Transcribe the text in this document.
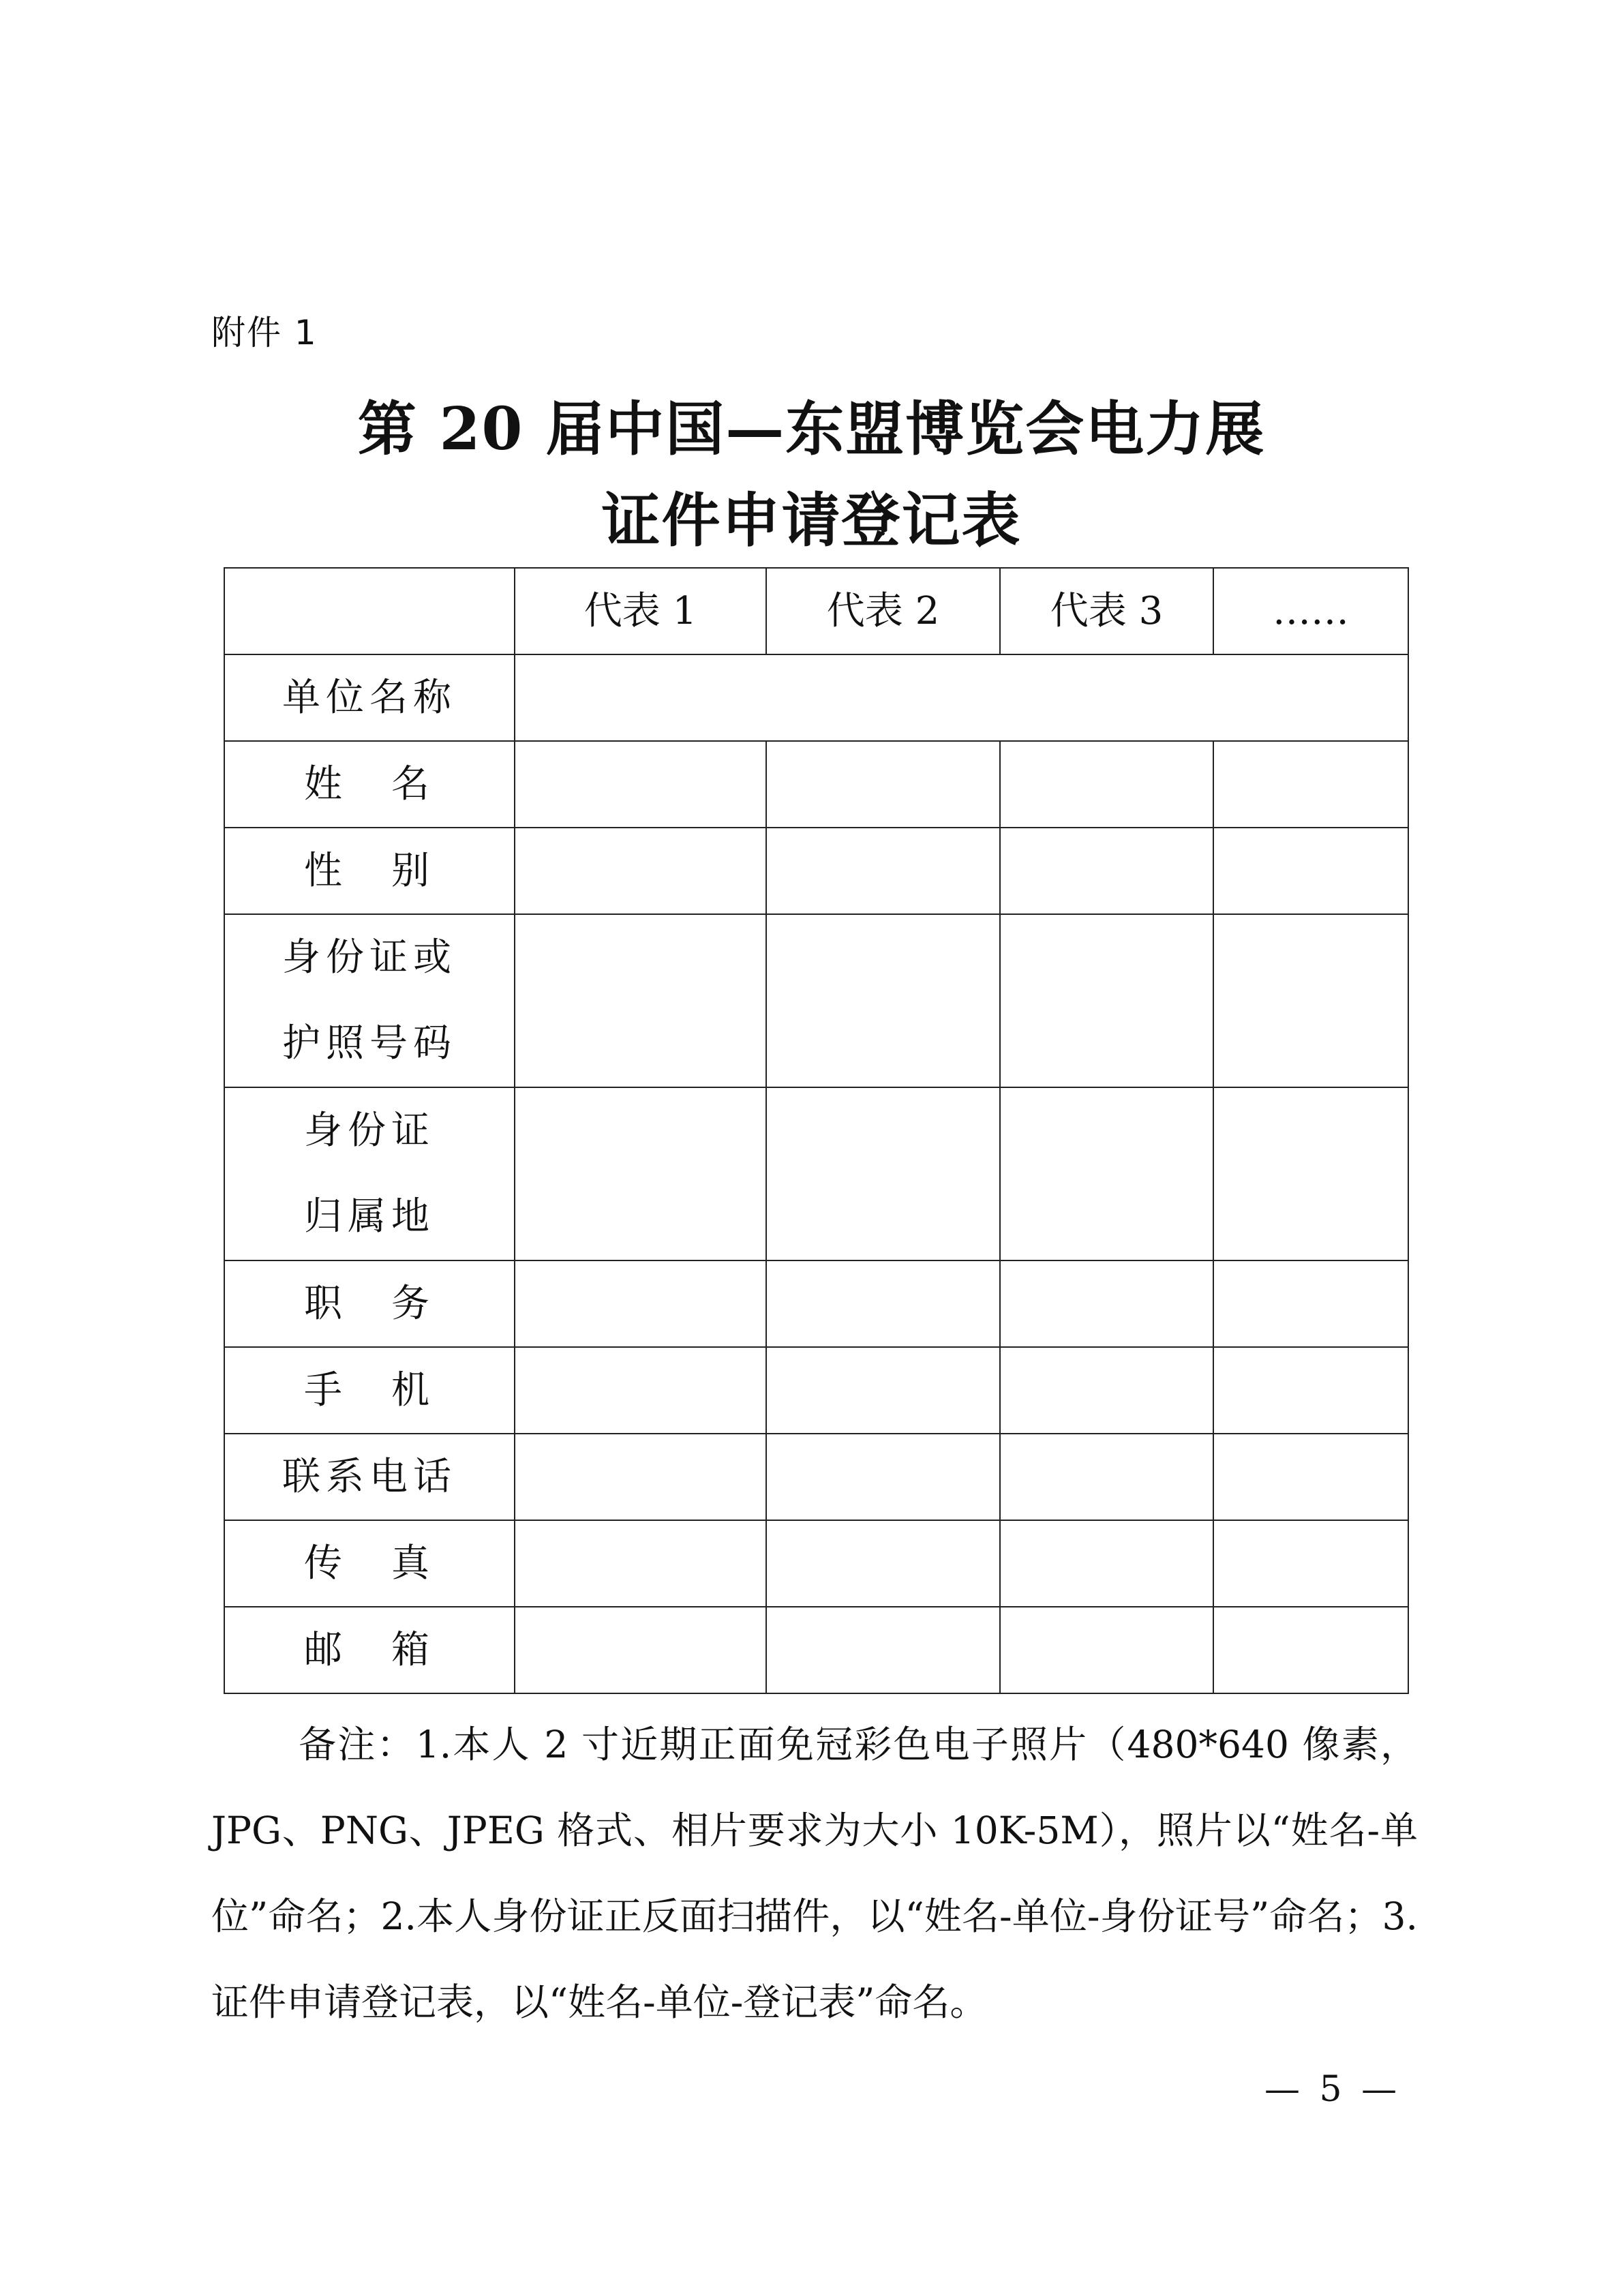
附件 1
第 20 届中国—东盟博览会电力展
证件申请登记表
	代表 1	代表 2	代表 3	……
单位名称				
姓　名				
性　别				

身份证或
护照号码				

身份证
归属地				

职　务				
手　机				
联系电话				
传　真				
邮　箱				
备注：1.本人 2 寸近期正面免冠彩色电子照片（480*640 像素，JPG、PNG、JPEG 格式、相片要求为大小 10K-5M），照片以“姓名-单位”命名；2.本人身份证正反面扫描件，以“姓名-单位-身份证号”命名；3.证件申请登记表，以“姓名-单位-登记表”命名。
— 5 —
